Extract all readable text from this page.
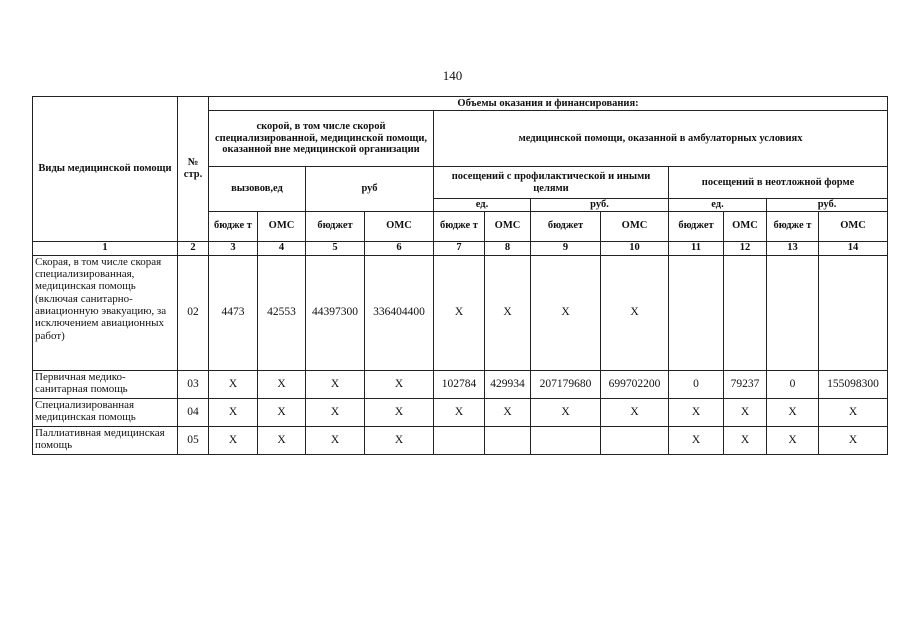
140
Виды медицинской помощи	№ стр.	Объемы оказания и финансирования:											
		скорой, в том числе скорой специализированной, медицинской помощи, оказанной вне медицинской организации				медицинской помощи, оказанной в амбулаторных условиях							
		вызовов,ед		руб		посещений с профилактической и иными целями				посещений в неотложной форме			
						ед.		руб.		ед.		руб.	
		бюдже т	ОМС	бюджет	ОМС	бюдже т	ОМС	бюджет	ОМС	бюджет	ОМС	бюдже т	ОМС
1	2	3	4	5	6	7	8	9	10	11	12	13	14
Скорая, в том числе скорая специализированная, медицинская помощь (включая санитарно-авиационную эвакуацию, за исключением авиационных работ)	02	4473	42553	44397300	336404400	X	X	X	X				
Первичная медико-санитарная помощь	03	X	X	X	X	102784	429934	207179680	699702200	0	79237	0	155098300
Специализированная медицинская помощь	04	X	X	X	X	X	X	X	X	X	X	X	X
Паллиативная медицинская помощь	05	X	X	X	X					X	X	X	X
